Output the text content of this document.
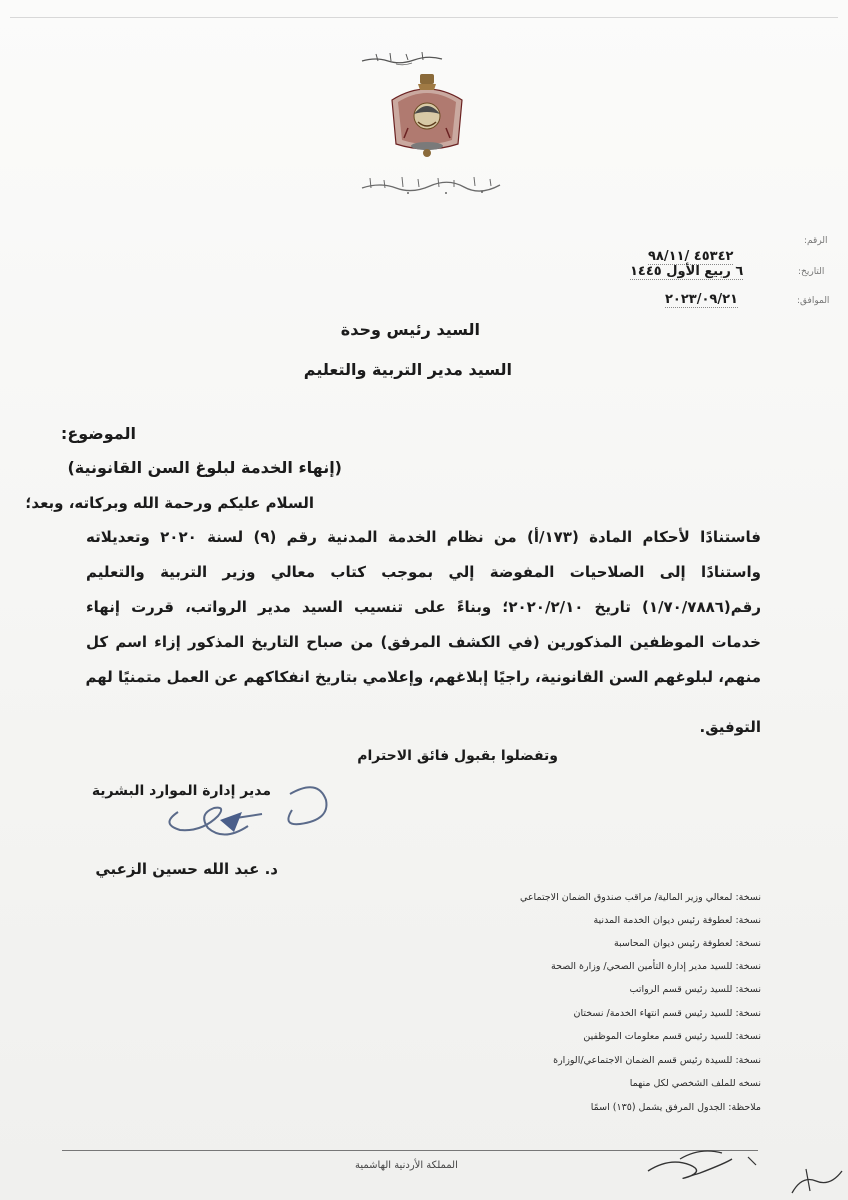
الرقم:
٤٥٣٤٢ /٩٨/١١
التاريخ:
٦ ربيع الأول ١٤٤٥
الموافق:
٢٠٢٣/٠٩/٢١
السيد رئيس وحدة
السيد مدير التربية والتعليم
الموضوع:
(إنهاء الخدمة لبلوغ السن القانونية)
السلام عليكم ورحمة الله وبركاته، وبعد؛
فاستنادًا لأحكام المادة (١٧٣/أ) من نظام الخدمة المدنية رقم (٩) لسنة ٢٠٢٠ وتعديلاته
واستنادًا إلى الصلاحيات المفوضة إلي بموجب كتاب معالي وزير التربية والتعليم
رقم(١/٧٠/٧٨٨٦) تاريخ ٢٠٢٠/٢/١٠؛ وبناءً على تنسيب السيد مدير الرواتب، قررت إنهاء
خدمات الموظفين المذكورين (في الكشف المرفق) من صباح التاريخ المذكور إزاء اسم كل
منهم، لبلوغهم السن القانونية، راجيًا إبلاغهم، وإعلامي بتاريخ انفكاكهم عن العمل متمنيًا لهم
التوفيق.
وتفضلوا بقبول فائق الاحترام
مدير إدارة الموارد البشرية
د. عبد الله حسين الزعبي
نسخة: لمعالي وزير المالية/ مراقب صندوق الضمان الاجتماعي
نسخة: لعطوفة رئيس ديوان الخدمة المدنية
نسخة: لعطوفة رئيس ديوان المحاسبة
نسخة: للسيد مدير إدارة التأمين الصحي/ وزارة الصحة
نسخة: للسيد رئيس قسم الرواتب
نسخة: للسيد رئيس قسم انتهاء الخدمة/ نسختان
نسخة: للسيد رئيس قسم معلومات الموظفين
نسخة: للسيدة رئيس قسم الضمان الاجتماعي/الوزارة
نسخه للملف الشخصي لكل منهما
ملاحظة: الجدول المرفق يشمل (١٣٥) اسمًا
المملكة الأردنية الهاشمية
